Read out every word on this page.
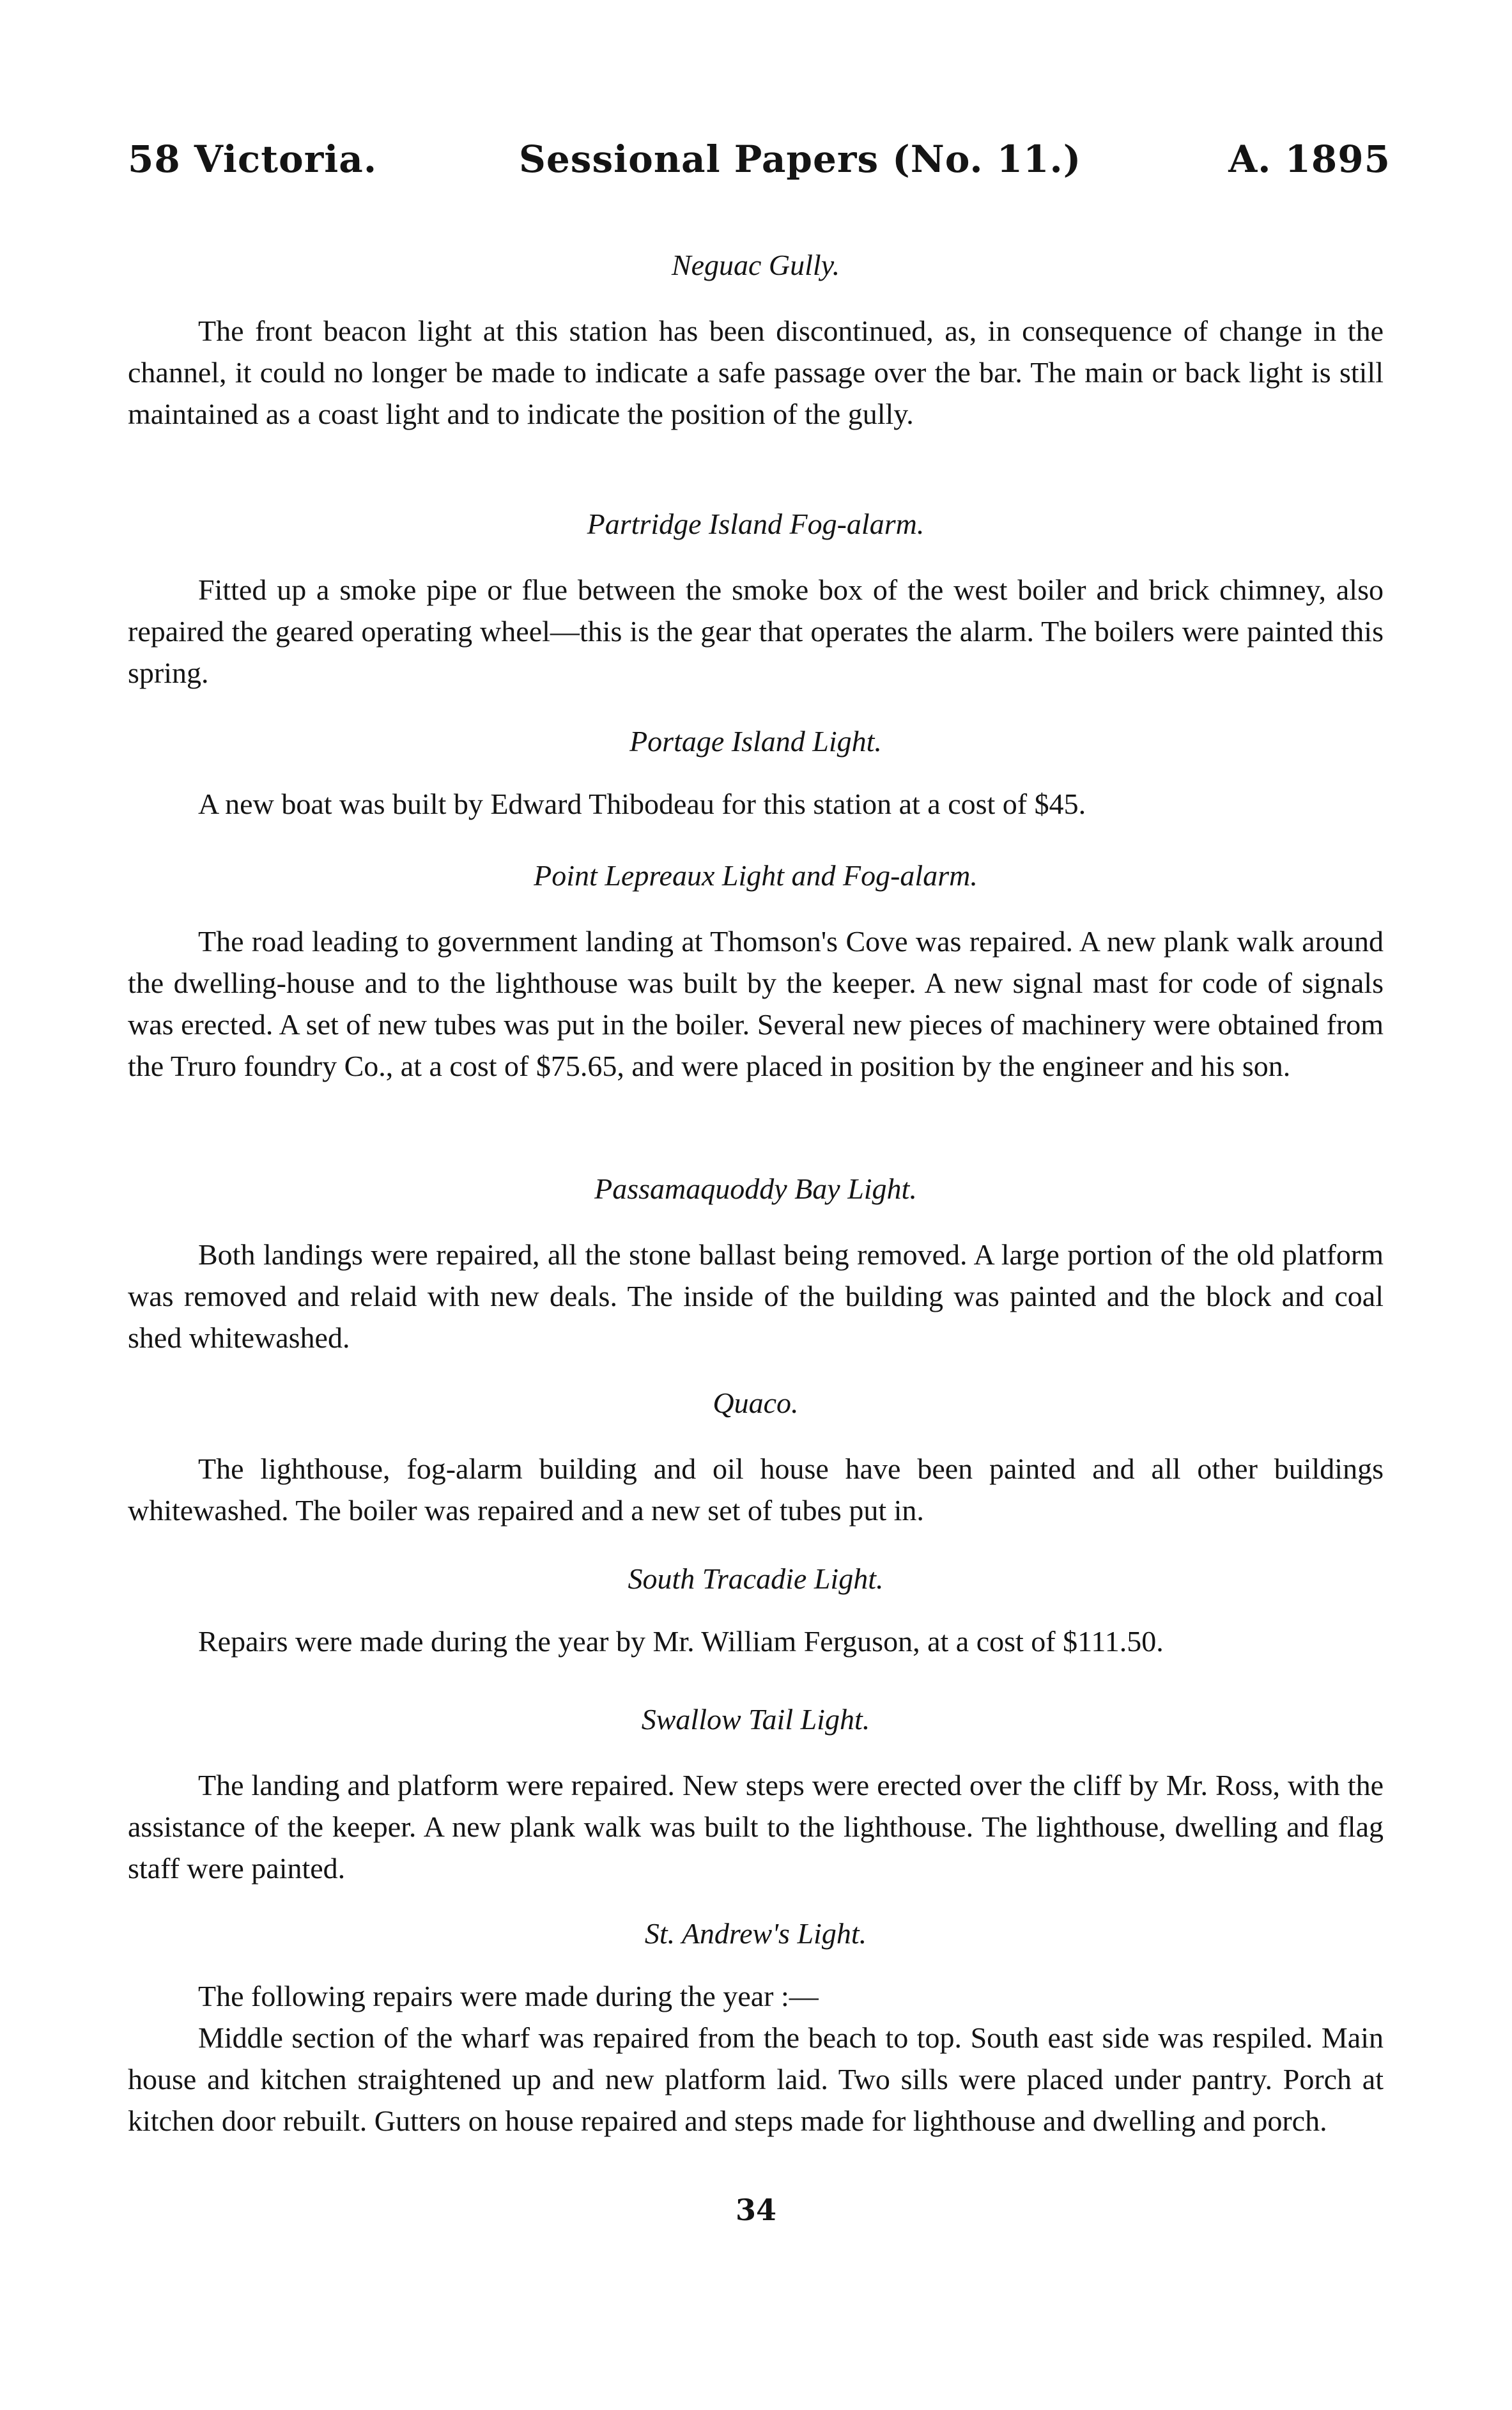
58 Victoria.	Sessional Papers (No. 11.)	A. 1895
Neguac Gully.

The front beacon light at this station has been discontinued, as, in consequence of change in the channel, it could no longer be made to indicate a safe passage over the bar. The main or back light is still maintained as a coast light and to indicate the position of the gully.

Partridge Island Fog-alarm.

Fitted up a smoke pipe or flue between the smoke box of the west boiler and brick chimney, also repaired the geared operating wheel—this is the gear that operates the alarm. The boilers were painted this spring.

Portage Island Light.

A new boat was built by Edward Thibodeau for this station at a cost of $45.

Point Lepreaux Light and Fog-alarm.

The road leading to government landing at Thomson's Cove was repaired. A new plank walk around the dwelling-house and to the lighthouse was built by the keeper. A new signal mast for code of signals was erected. A set of new tubes was put in the boiler. Several new pieces of machinery were obtained from the Truro foundry Co., at a cost of $75.65, and were placed in position by the engineer and his son.

Passamaquoddy Bay Light.

Both landings were repaired, all the stone ballast being removed. A large portion of the old platform was removed and relaid with new deals. The inside of the building was painted and the block and coal shed whitewashed.

Quaco.

The lighthouse, fog-alarm building and oil house have been painted and all other buildings whitewashed. The boiler was repaired and a new set of tubes put in.

South Tracadie Light.

Repairs were made during the year by Mr. William Ferguson, at a cost of $111.50.

Swallow Tail Light.

The landing and platform were repaired. New steps were erected over the cliff by Mr. Ross, with the assistance of the keeper. A new plank walk was built to the lighthouse. The lighthouse, dwelling and flag staff were painted.

St. Andrew's Light.

The following repairs were made during the year :—

Middle section of the wharf was repaired from the beach to top. South east side was respiled. Main house and kitchen straightened up and new platform laid. Two sills were placed under pantry. Porch at kitchen door rebuilt. Gutters on house repaired and steps made for lighthouse and dwelling and porch.

34
